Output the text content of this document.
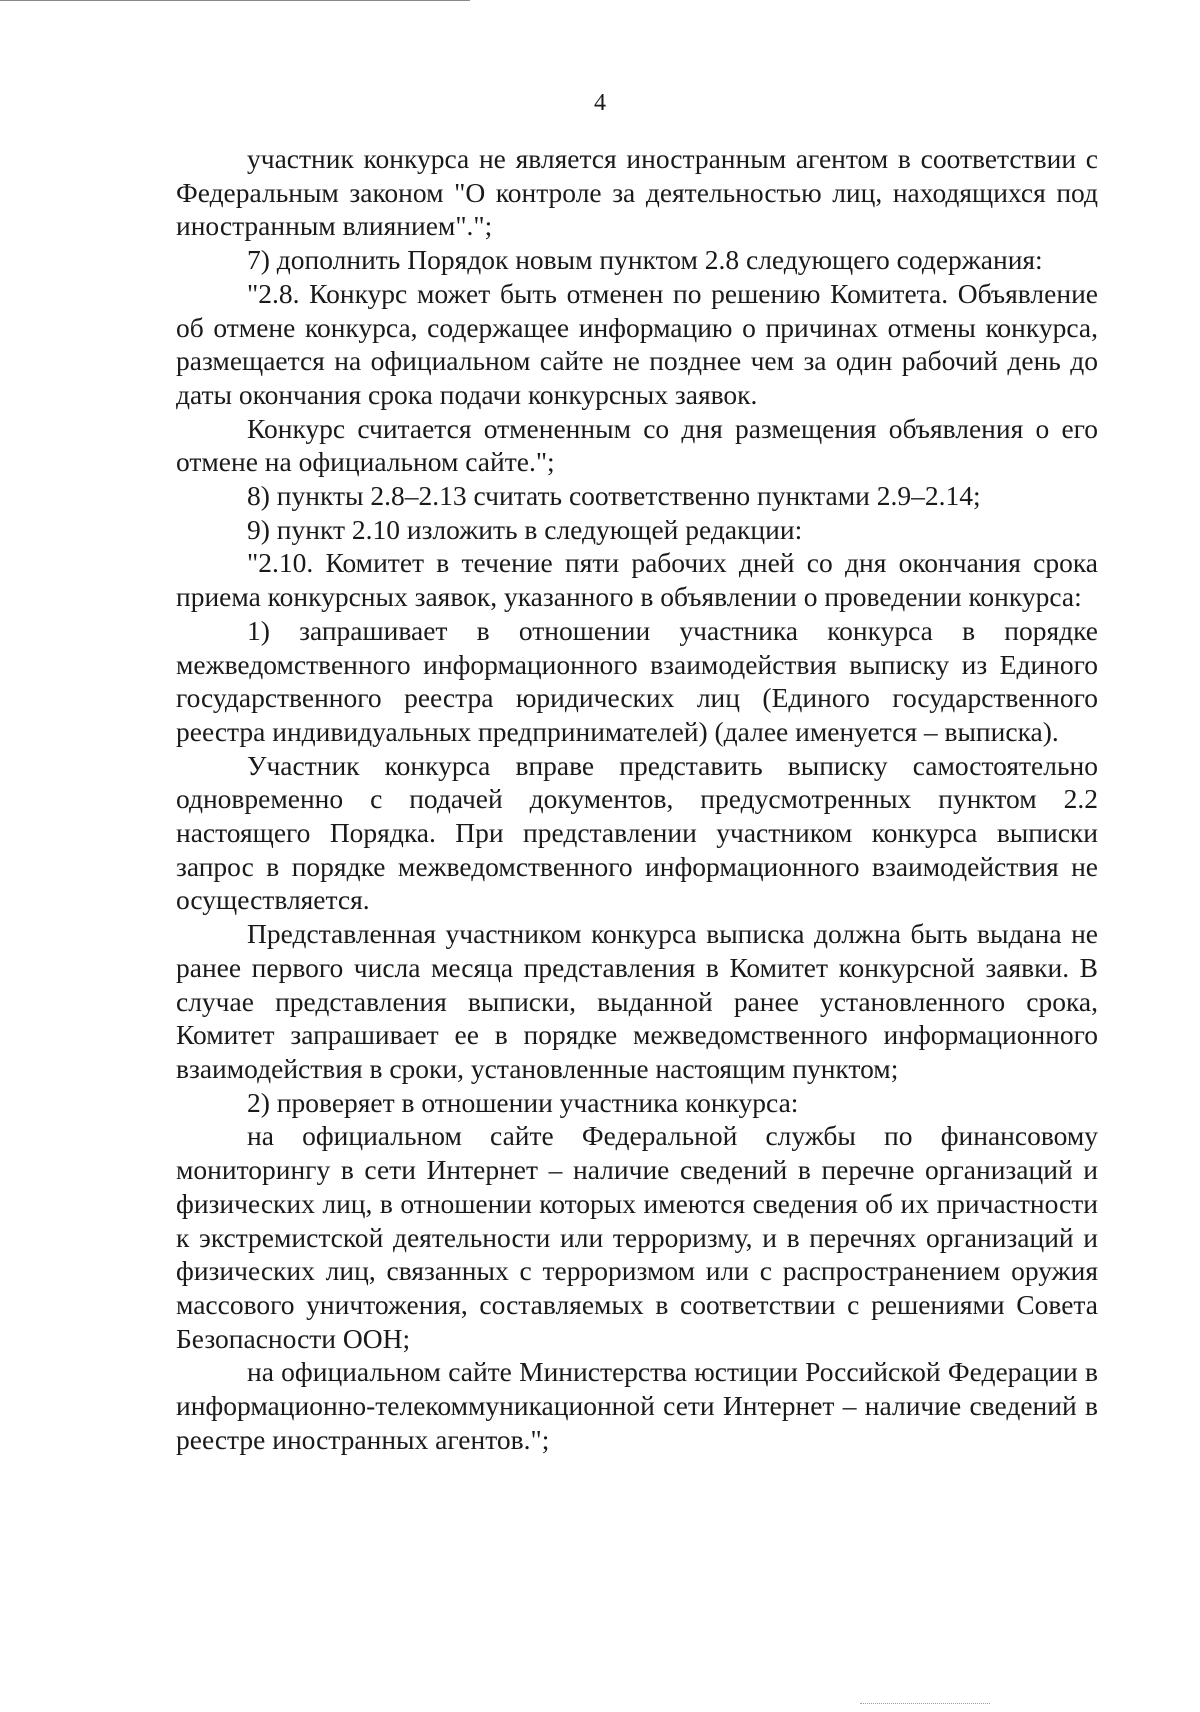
4

участник конкурса не является иностранным агентом в соответствии с Федеральным законом "О контроле за деятельностью лиц, находящихся под иностранным влиянием".";

7) дополнить Порядок новым пунктом 2.8 следующего содержания:

"2.8. Конкурс может быть отменен по решению Комитета. Объявление об отмене конкурса, содержащее информацию о причинах отмены конкурса, размещается на официальном сайте не позднее чем за один рабочий день до даты окончания срока подачи конкурсных заявок.

Конкурс считается отмененным со дня размещения объявления о его отмене на официальном сайте.";

8) пункты 2.8–2.13 считать соответственно пунктами 2.9–2.14;

9) пункт 2.10 изложить в следующей редакции:

"2.10. Комитет в течение пяти рабочих дней со дня окончания срока приема конкурсных заявок, указанного в объявлении о проведении конкурса:

1) запрашивает в отношении участника конкурса в порядке межведомственного информационного взаимодействия выписку из Единого государственного реестра юридических лиц (Единого государственного реестра индивидуальных предпринимателей) (далее именуется – выписка).

Участник конкурса вправе представить выписку самостоятельно одновременно с подачей документов, предусмотренных пунктом 2.2 настоящего Порядка. При представлении участником конкурса выписки запрос в порядке межведомственного информационного взаимодействия не осуществляется.

Представленная участником конкурса выписка должна быть выдана не ранее первого числа месяца представления в Комитет конкурсной заявки. В случае представления выписки, выданной ранее установленного срока, Комитет запрашивает ее в порядке межведомственного информационного взаимодействия в сроки, установленные настоящим пунктом;

2) проверяет в отношении участника конкурса:

на официальном сайте Федеральной службы по финансовому мониторингу в сети Интернет – наличие сведений в перечне организаций и физических лиц, в отношении которых имеются сведения об их причастности к экстремистской деятельности или терроризму, и в перечнях организаций и физических лиц, связанных с терроризмом или с распространением оружия массового уничтожения, составляемых в соответствии с решениями Совета Безопасности ООН;

на официальном сайте Министерства юстиции Российской Федерации в информационно-телекоммуникационной сети Интернет – наличие сведений в реестре иностранных агентов.";
